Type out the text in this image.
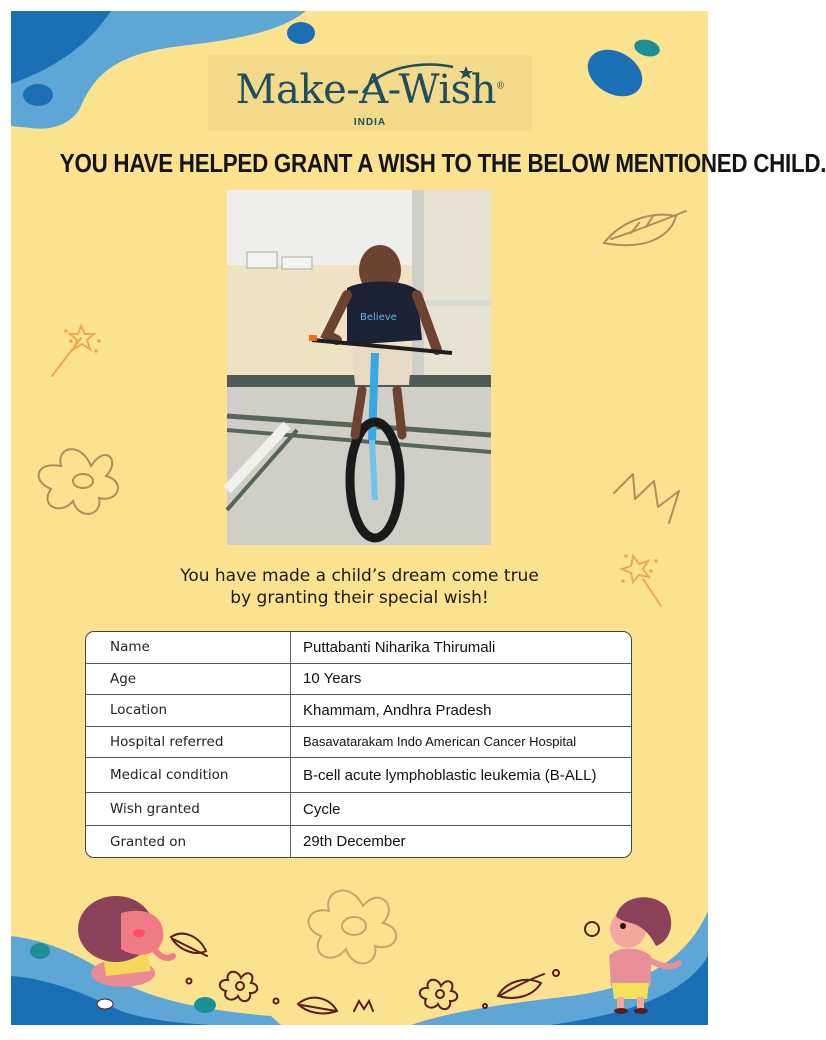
Make-A-Wish®
INDIA
YOU HAVE HELPED GRANT A WISH TO THE BELOW MENTIONED CHILD.
Believe
You have made a child’s dream come true
by granting their special wish!
Name	Puttabanti Niharika Thirumali
Age	10 Years
Location	Khammam, Andhra Pradesh
Hospital referred	Basavatarakam Indo American Cancer Hospital
Medical condition	B-cell acute lymphoblastic leukemia (B-ALL)
Wish granted	Cycle
Granted on	29th December
